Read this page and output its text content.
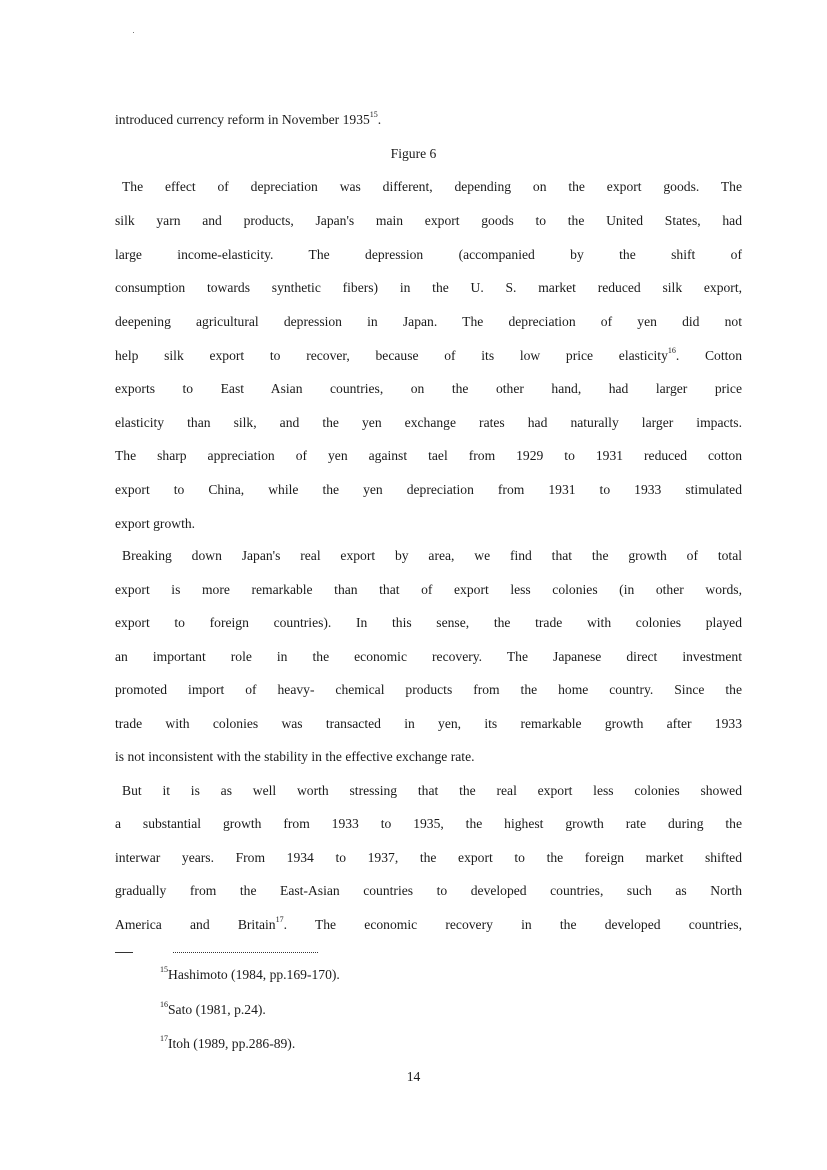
introduced currency reform in November 1935$^{15}$.
Figure 6
The effect of depreciation was different, depending on the export goods. The
silk yarn and products, Japan's main export goods to the United States, had
large income-elasticity. The depression (accompanied by the shift of
consumption towards synthetic fibers) in the U. S. market reduced silk export,
deepening agricultural depression in Japan. The depreciation of yen did not
help silk export to recover, because of its low price elasticity$^{16}$. Cotton
exports to East Asian countries, on the other hand, had larger price
elasticity than silk, and the yen exchange rates had naturally larger impacts.
The sharp appreciation of yen against tael from 1929 to 1931 reduced cotton
export to China, while the yen depreciation from 1931 to 1933 stimulated
export growth.
Breaking down Japan's real export by area, we find that the growth of total
export is more remarkable than that of export less colonies (in other words,
export to foreign countries). In this sense, the trade with colonies played
an important role in the economic recovery. The Japanese direct investment
promoted import of heavy- chemical products from the home country. Since the
trade with colonies was transacted in yen, its remarkable growth after 1933
is not inconsistent with the stability in the effective exchange rate.
But it is as well worth stressing that the real export less colonies showed
a substantial growth from 1933 to 1935, the highest growth rate during the
interwar years. From 1934 to 1937, the export to the foreign market shifted
gradually from the East-Asian countries to developed countries, such as North
America and Britain$^{17}$. The economic recovery in the developed countries,
$^{15}$Hashimoto (1984, pp.169-170).
$^{16}$Sato (1981, p.24).
$^{17}$Itoh (1989, pp.286-89).
14
